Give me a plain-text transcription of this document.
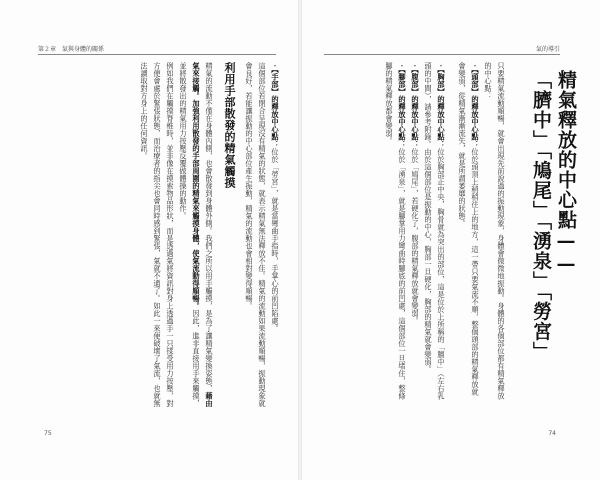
氣的導引
精氣釋放的中心點——
「臍中」「鳩尾」「湧泉」「勞宮」

只要精氣流動順暢，就會出現先前說過的振動現象，身體會微微地振動。身體的各個部位都有精氣釋放的中心點：

・【頭部】的釋放中心點：位於頭頂上稍稍往上的地方，這一帶只要氣流不順，整個頭部的精氣釋放就會變弱，從精氣漸漸流失，就是所謂萎靡的狀態。

・【胸部】的釋放中心點：位於胸部正中央，胸骨就為突出的部位，這是位於上所稱的「膻中」（左右乳頭的中間），請參考附錄。由於這個部位是振動的中心，胸部一旦硬化，胸部的精氣就會變弱。

・【腹部】的釋放中心點：位於「鳩尾」，若硬化了，腹部的精氣釋放就會變弱。

・【腳部】的釋放中心點：位於「湧泉」，就是腳掌用力彎曲時腳底的前凹處，這個部位一旦堵住，整條腳的精氣釋放都會變弱。

74
第２章　氣與身體的關係

・【手部】的釋放中心點：位於「勞宮」，就是當彎曲手指時，手掌心的前凹陷處。

這個部位若閉合呈現沒有精氣的狀態，就表示精氣無法釋放不佳。精氣的流動如果流動順暢，振動現象就會良好，若能讓振動的中心部位產生振動，精氣的流動也會相對變得順暢。

利用手部散發的精氣觸摸

精氣的流動不僅在身體內側，也會散發到身體外側。我們之所以用手觸摸，是為了讓精氣變換姿態，藉由氣來接觸。加強利用散發的手部周圍的精氣來觸摸身體，使氣流動得順暢。因此，進非直接用手來觸摸，並將散發出的精氣用力按壓反覆做體操的動作。

例如我們在觸摸脊椎時，並非像在摸索物品形狀，而是透過氣將資訊對身上透過手一只揉受用力按壓，對方便會處於緊張狀態，而治療者的指尖也會同時感到緊張，氣就不通了。如此一來便破壞了氣流，也就無法讀取對方身上的任何資訊。

75
